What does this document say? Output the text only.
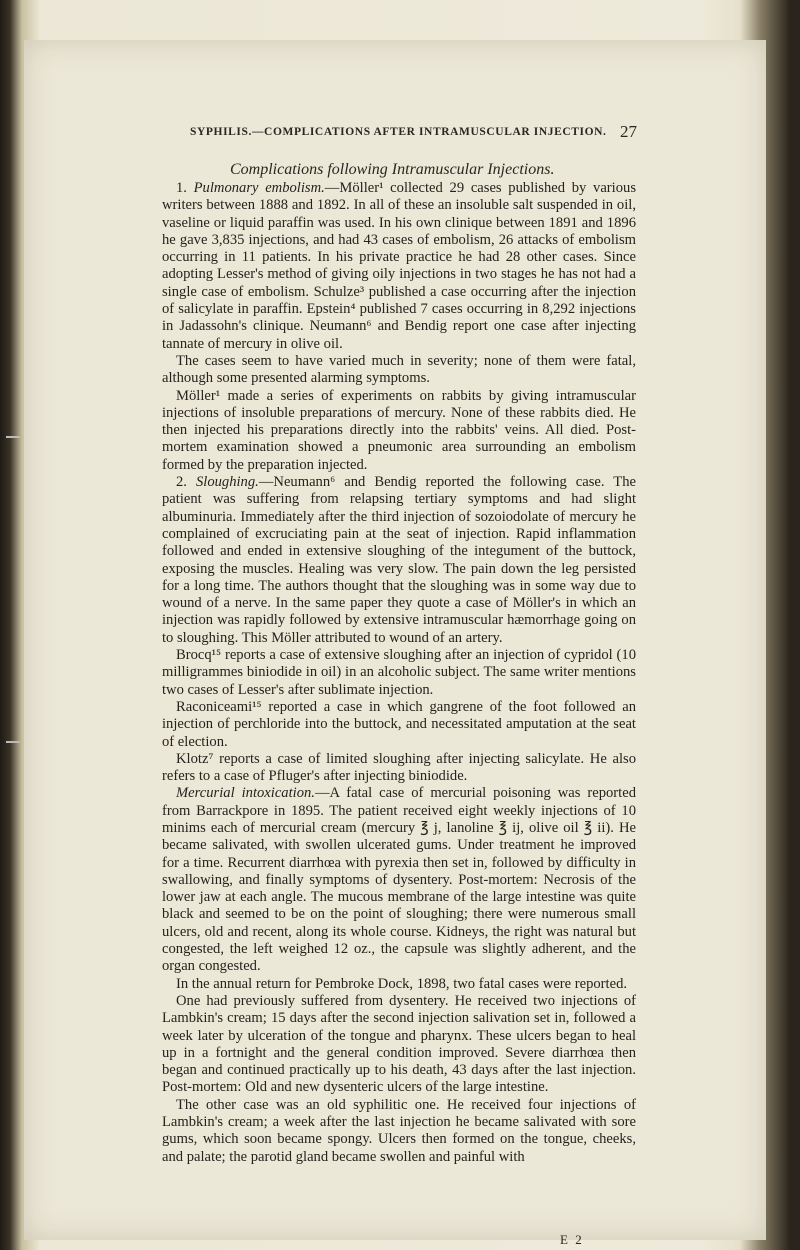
SYPHILIS.—COMPLICATIONS AFTER INTRAMUSCULAR INJECTION. 27
Complications following Intramuscular Injections.

1. Pulmonary embolism.—Möller¹ collected 29 cases published by various writers between 1888 and 1892. In all of these an insoluble salt suspended in oil, vaseline or liquid paraffin was used. In his own clinique between 1891 and 1896 he gave 3,835 injections, and had 43 cases of embolism, 26 attacks of embolism occurring in 11 patients. In his private practice he had 28 other cases. Since adopting Lesser's method of giving oily injections in two stages he has not had a single case of embolism. Schulze³ published a case occurring after the injection of salicylate in paraffin. Epstein⁴ published 7 cases occurring in 8,292 injections in Jadassohn's clinique. Neumann⁶ and Bendig report one case after injecting tannate of mercury in olive oil.

The cases seem to have varied much in severity; none of them were fatal, although some presented alarming symptoms.

Möller¹ made a series of experiments on rabbits by giving intramuscular injections of insoluble preparations of mercury. None of these rabbits died. He then injected his preparations directly into the rabbits' veins. All died. Post-mortem examination showed a pneumonic area surrounding an embolism formed by the preparation injected.

2. Sloughing.—Neumann⁶ and Bendig reported the following case. The patient was suffering from relapsing tertiary symptoms and had slight albuminuria. Immediately after the third injection of sozoiodolate of mercury he complained of excruciating pain at the seat of injection. Rapid inflammation followed and ended in extensive sloughing of the integument of the buttock, exposing the muscles. Healing was very slow. The pain down the leg persisted for a long time. The authors thought that the sloughing was in some way due to wound of a nerve. In the same paper they quote a case of Möller's in which an injection was rapidly followed by extensive intramuscular hæmorrhage going on to sloughing. This Möller attributed to wound of an artery.

Brocq¹⁵ reports a case of extensive sloughing after an injection of cypridol (10 milligrammes biniodide in oil) in an alcoholic subject. The same writer mentions two cases of Lesser's after sublimate injection.

Raconiceami¹⁵ reported a case in which gangrene of the foot followed an injection of perchloride into the buttock, and necessitated amputation at the seat of election.

Klotz⁷ reports a case of limited sloughing after injecting salicylate. He also refers to a case of Pfluger's after injecting biniodide.

Mercurial intoxication.—A fatal case of mercurial poisoning was reported from Barrackpore in 1895. The patient received eight weekly injections of 10 minims each of mercurial cream (mercury ℥ j, lanoline ℥ ij, olive oil ℥ ii). He became salivated, with swollen ulcerated gums. Under treatment he improved for a time. Recurrent diarrhœa with pyrexia then set in, followed by difficulty in swallowing, and finally symptoms of dysentery. Post-mortem: Necrosis of the lower jaw at each angle. The mucous membrane of the large intestine was quite black and seemed to be on the point of sloughing; there were numerous small ulcers, old and recent, along its whole course. Kidneys, the right was natural but congested, the left weighed 12 oz., the capsule was slightly adherent, and the organ congested.

In the annual return for Pembroke Dock, 1898, two fatal cases were reported.

One had previously suffered from dysentery. He received two injections of Lambkin's cream; 15 days after the second injection salivation set in, followed a week later by ulceration of the tongue and pharynx. These ulcers began to heal up in a fortnight and the general condition improved. Severe diarrhœa then began and continued practically up to his death, 43 days after the last injection. Post-mortem: Old and new dysenteric ulcers of the large intestine.

The other case was an old syphilitic one. He received four injections of Lambkin's cream; a week after the last injection he became salivated with sore gums, which soon became spongy. Ulcers then formed on the tongue, cheeks, and palate; the parotid gland became swollen and painful with

E 2
